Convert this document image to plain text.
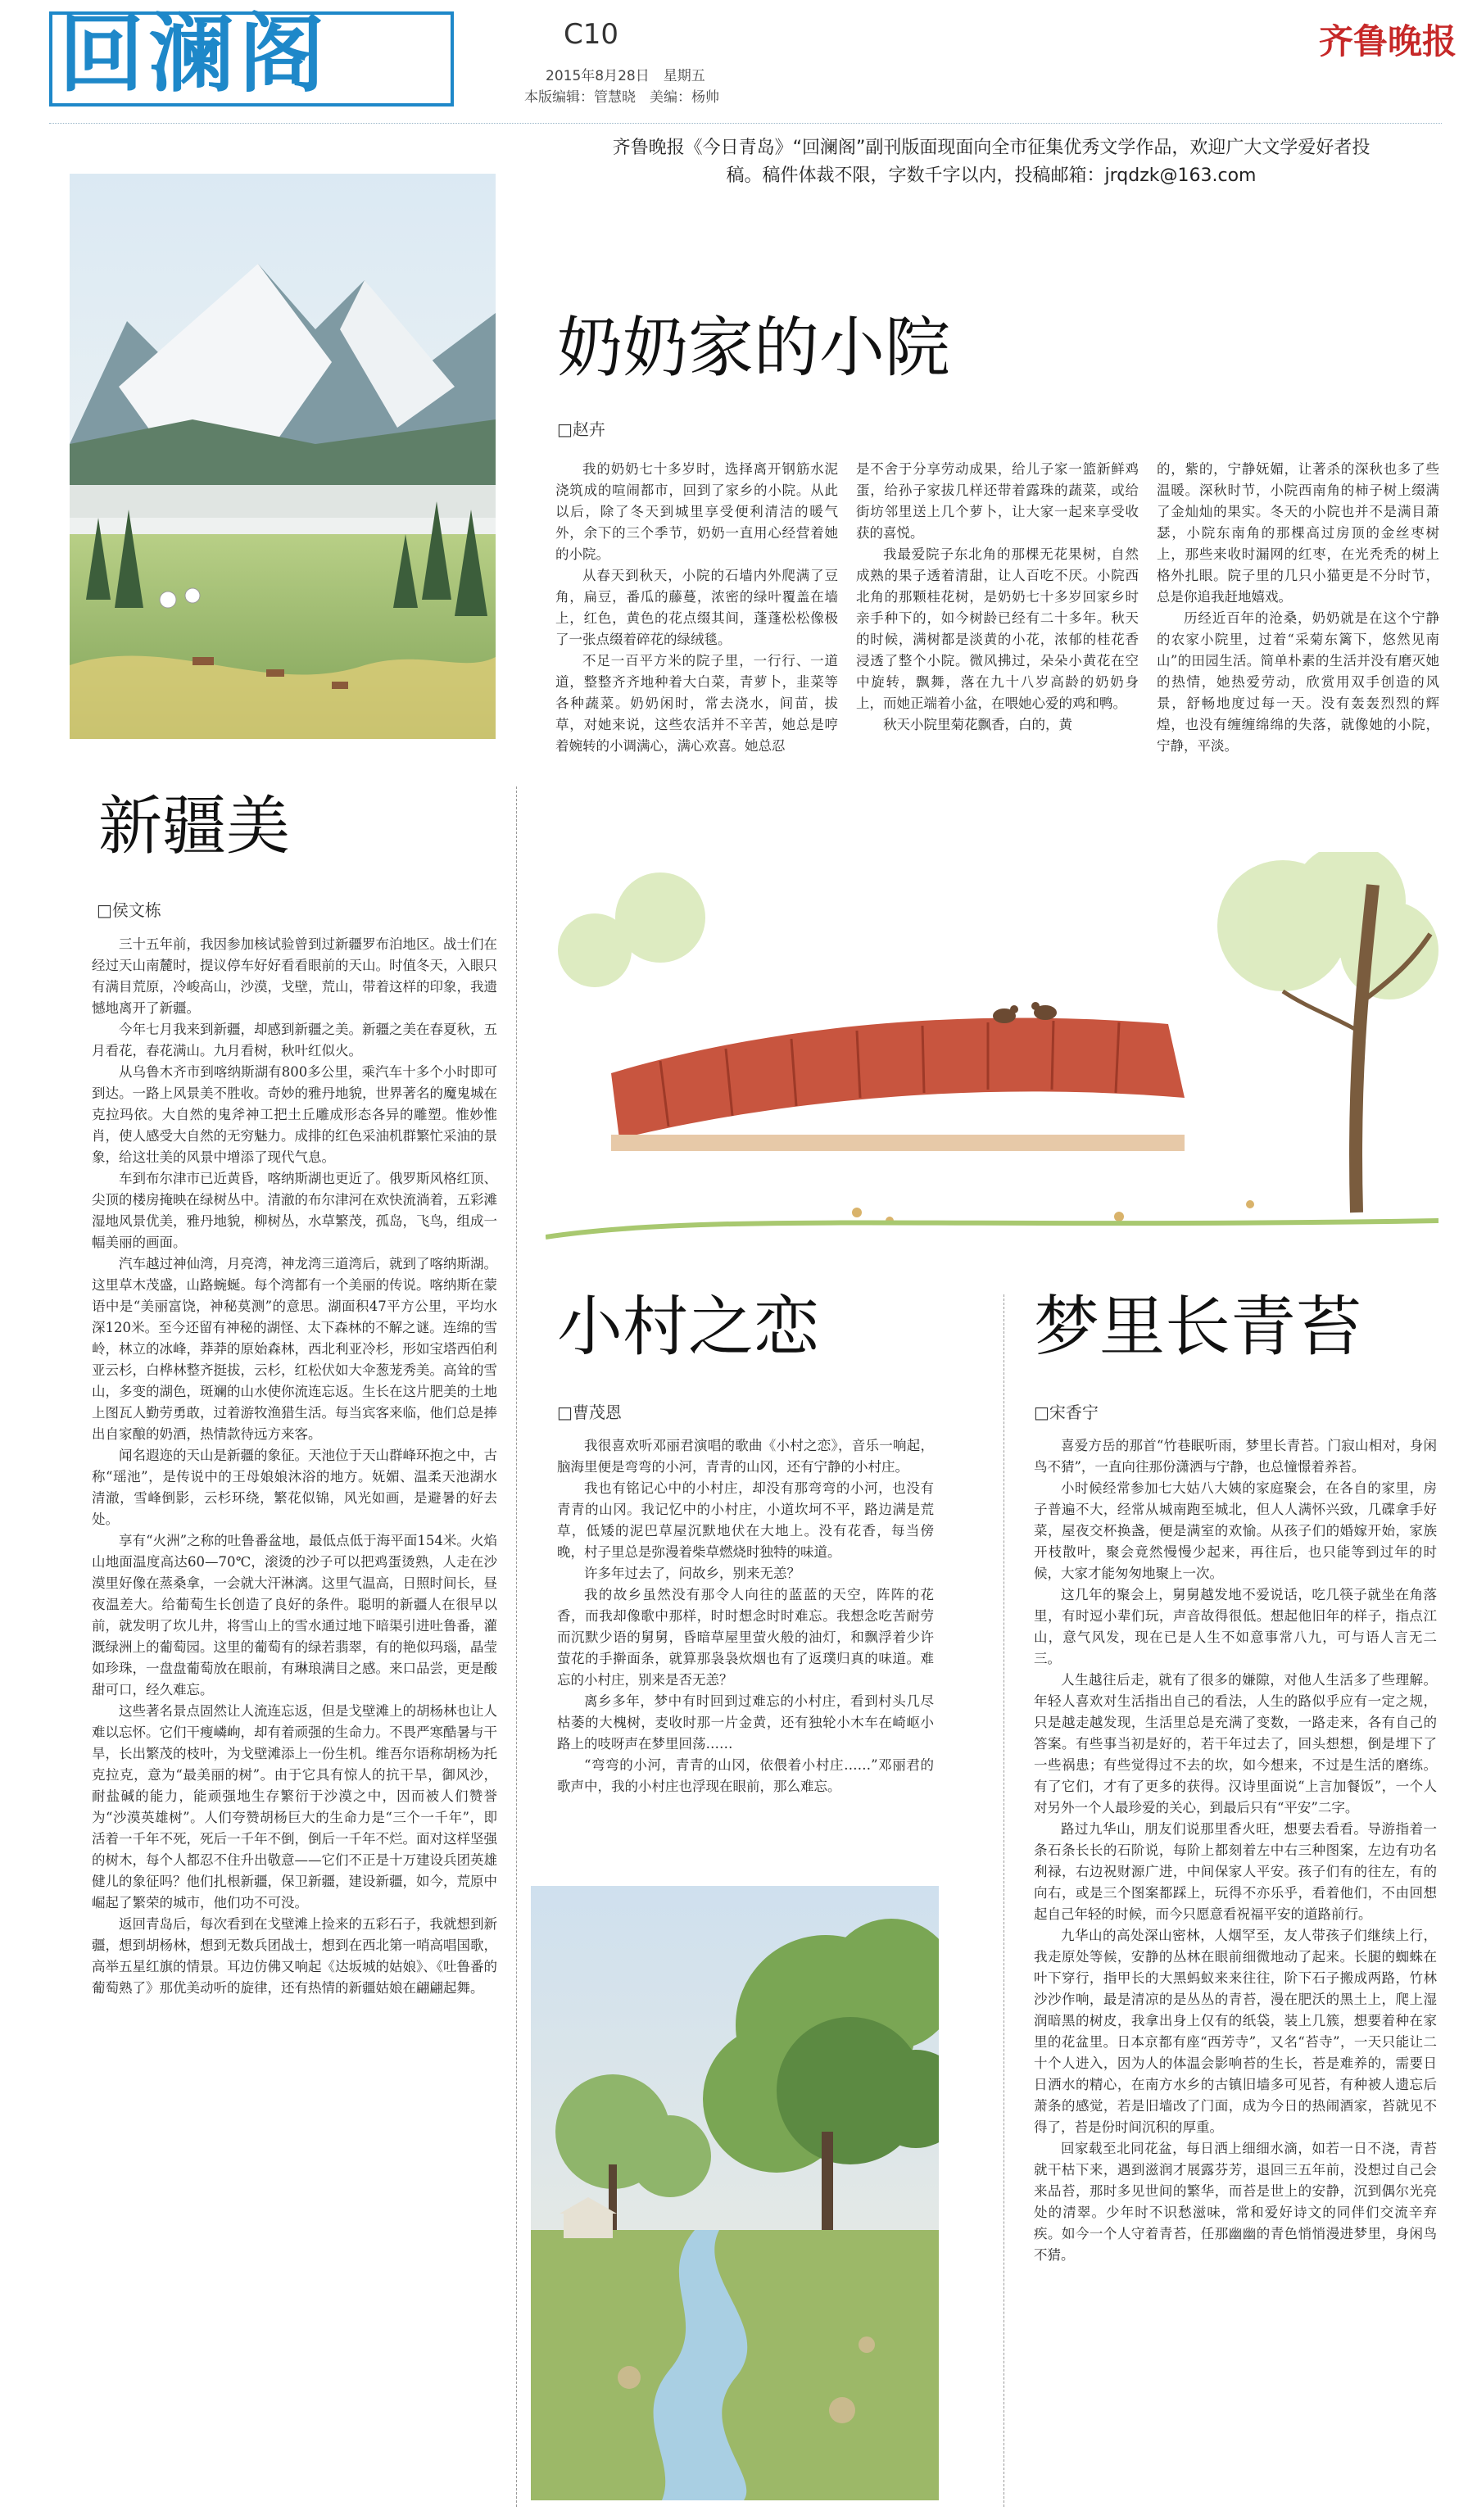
回澜阁	C10
2015年8月28日　星期五
本版编辑：管慧晓　美编：杨帅
齐鲁晚报
齐鲁晚报《今日青岛》“回澜阁”副刊版面现面向全市征集优秀文学作品，欢迎广大文学爱好者投稿。稿件体裁不限，字数千字以内，投稿邮箱：jrqdzk@163.com
新疆美
□侯文栋
奶奶家的小院
□赵卉
小村之恋
□曹茂恩
梦里长青苔
□宋香宁

三十五年前，我因参加核试验曾到过新疆罗布泊地区。战士们在经过天山南麓时，提议停车好好看看眼前的天山。时值冬天，入眼只有满目荒原，冷峻高山，沙漠，戈壁，荒山，带着这样的印象，我遗憾地离开了新疆。

今年七月我来到新疆，却感到新疆之美。新疆之美在春夏秋，五月看花，春花满山。九月看树，秋叶红似火。

从乌鲁木齐市到喀纳斯湖有800多公里，乘汽车十多个小时即可到达。一路上风景美不胜收。奇妙的雅丹地貌，世界著名的魔鬼城在克拉玛依。大自然的鬼斧神工把土丘雕成形态各异的雕塑。惟妙惟肖，使人感受大自然的无穷魅力。成排的红色采油机群繁忙采油的景象，给这壮美的风景中增添了现代气息。

车到布尔津市已近黄昏，喀纳斯湖也更近了。俄罗斯风格红顶、尖顶的楼房掩映在绿树丛中。清澈的布尔津河在欢快流淌着，五彩滩湿地风景优美，雅丹地貌，柳树丛，水草繁茂，孤岛，飞鸟，组成一幅美丽的画面。

汽车越过神仙湾，月亮湾，神龙湾三道湾后，就到了喀纳斯湖。这里草木茂盛，山路蜿蜒。每个湾都有一个美丽的传说。喀纳斯在蒙语中是“美丽富饶，神秘莫测”的意思。湖面积47平方公里，平均水深120米。至今还留有神秘的湖怪、太下森林的不解之谜。连绵的雪岭，林立的冰峰，莽莽的原始森林，西北利亚冷杉，形如宝塔西伯利亚云杉，白桦林整齐挺拔，云杉，红松伏如大伞葱茏秀美。高耸的雪山，多变的湖色，斑斓的山水使你流连忘返。生长在这片肥美的土地上图瓦人勤劳勇敢，过着游牧渔猎生活。每当宾客来临，他们总是捧出自家酿的奶酒，热情款待远方来客。

闻名遐迩的天山是新疆的象征。天池位于天山群峰环抱之中，古称“瑶池”，是传说中的王母娘娘沐浴的地方。妩媚、温柔天池湖水清澈，雪峰倒影，云杉环绕，繁花似锦，风光如画，是避暑的好去处。

享有“火洲”之称的吐鲁番盆地，最低点低于海平面154米。火焰山地面温度高达60—70℃，滚烫的沙子可以把鸡蛋烫熟，人走在沙漠里好像在蒸桑拿，一会就大汗淋漓。这里气温高，日照时间长，昼夜温差大。给葡萄生长创造了良好的条件。聪明的新疆人在很早以前，就发明了坎儿井，将雪山上的雪水通过地下暗渠引进吐鲁番，灌溉绿洲上的葡萄园。这里的葡萄有的绿若翡翠，有的艳似玛瑙，晶莹如珍珠，一盘盘葡萄放在眼前，有琳琅满目之感。来口品尝，更是酸甜可口，经久难忘。

这些著名景点固然让人流连忘返，但是戈壁滩上的胡杨林也让人难以忘怀。它们干瘦嶙峋，却有着顽强的生命力。不畏严寒酷暑与干旱，长出繁茂的枝叶，为戈壁滩添上一份生机。维吾尔语称胡杨为托克拉克，意为“最美丽的树”。由于它具有惊人的抗干旱，御风沙，耐盐碱的能力，能顽强地生存繁衍于沙漠之中，因而被人们赞誉为“沙漠英雄树”。人们夸赞胡杨巨大的生命力是“三个一千年”，即活着一千年不死，死后一千年不倒，倒后一千年不烂。面对这样坚强的树木，每个人都忍不住升出敬意——它们不正是十万建设兵团英雄健儿的象征吗？他们扎根新疆，保卫新疆，建设新疆，如今，荒原中崛起了繁荣的城市，他们功不可没。

返回青岛后，每次看到在戈壁滩上捡来的五彩石子，我就想到新疆，想到胡杨林，想到无数兵团战士，想到在西北第一哨高唱国歌，高举五星红旗的情景。耳边仿佛又响起《达坂城的姑娘》、《吐鲁番的葡萄熟了》那优美动听的旋律，还有热情的新疆姑娘在翩翩起舞。

我的奶奶七十多岁时，选择离开钢筋水泥浇筑成的喧闹都市，回到了家乡的小院。从此以后，除了冬天到城里享受便利清洁的暖气外，余下的三个季节，奶奶一直用心经营着她的小院。

从春天到秋天，小院的石墙内外爬满了豆角，扁豆，番瓜的藤蔓，浓密的绿叶覆盖在墙上，红色，黄色的花点缀其间，蓬蓬松松像极了一张点缀着碎花的绿绒毯。

不足一百平方米的院子里，一行行、一道道，整整齐齐地种着大白菜，青萝卜，韭菜等各种蔬菜。奶奶闲时，常去浇水，间苗，拔草，对她来说，这些农活并不辛苦，她总是哼着婉转的小调满心，满心欢喜。她总忍

是不舍于分享劳动成果，给儿子家一篮新鲜鸡蛋，给孙子家拔几样还带着露珠的蔬菜，或给街坊邻里送上几个萝卜，让大家一起来享受收获的喜悦。

我最爱院子东北角的那棵无花果树，自然成熟的果子透着清甜，让人百吃不厌。小院西北角的那颗桂花树，是奶奶七十多岁回家乡时亲手种下的，如今树龄已经有二十多年。秋天的时候，满树都是淡黄的小花，浓郁的桂花香浸透了整个小院。微风拂过，朵朵小黄花在空中旋转，飘舞，落在九十八岁高龄的奶奶身上，而她正端着小盆，在喂她心爱的鸡和鸭。

秋天小院里菊花飘香，白的，黄

的，紫的，宁静妩媚，让著杀的深秋也多了些温暖。深秋时节，小院西南角的柿子树上缀满了金灿灿的果实。冬天的小院也并不是满目萧瑟，小院东南角的那棵高过房顶的金丝枣树上，那些来收时漏网的红枣，在光秃秃的树上格外扎眼。院子里的几只小猫更是不分时节，总是你追我赶地嬉戏。

历经近百年的沧桑，奶奶就是在这个宁静的农家小院里，过着“采菊东篱下，悠然见南山”的田园生活。简单朴素的生活并没有磨灭她的热情，她热爱劳动，欣赏用双手创造的风景，舒畅地度过每一天。没有轰轰烈烈的辉煌，也没有缠缠绵绵的失落，就像她的小院，宁静，平淡。

我很喜欢听邓丽君演唱的歌曲《小村之恋》，音乐一响起，脑海里便是弯弯的小河，青青的山冈，还有宁静的小村庄。

我也有铭记心中的小村庄，却没有那弯弯的小河，也没有青青的山冈。我记忆中的小村庄，小道坎坷不平，路边满是荒草，低矮的泥巴草屋沉默地伏在大地上。没有花香，每当傍晚，村子里总是弥漫着柴草燃烧时独特的味道。

许多年过去了，问故乡，别来无恙？

我的故乡虽然没有那令人向往的蓝蓝的天空，阵阵的花香，而我却像歌中那样，时时想念时时难忘。我想念吃苦耐劳而沉默少语的舅舅，昏暗草屋里萤火般的油灯，和飘浮着少许萤花的手擀面条，就算那袅袅炊烟也有了返璞归真的味道。难忘的小村庄，别来是否无恙？

离乡多年，梦中有时回到过难忘的小村庄，看到村头几尽枯萎的大槐树，麦收时那一片金黄，还有独轮小木车在崎岖小路上的吱呀声在梦里回荡……

“弯弯的小河，青青的山冈，依偎着小村庄……”邓丽君的歌声中，我的小村庄也浮现在眼前，那么难忘。

喜爱方岳的那首“竹巷眠听雨，梦里长青苔。门寂山相对，身闲鸟不猜”，一直向往那份潇洒与宁静，也总憧憬着养苔。

小时候经常参加七大姑八大姨的家庭聚会，在各自的家里，房子普遍不大，经常从城南跑至城北，但人人满怀兴致，几碟拿手好菜，屋夜交杯换盏，便是满室的欢愉。从孩子们的婚嫁开始，家族开枝散叶，聚会竟然慢慢少起来，再往后，也只能等到过年的时候，大家才能匆匆地聚上一次。

这几年的聚会上，舅舅越发地不爱说话，吃几筷子就坐在角落里，有时逗小辈们玩，声音故得很低。想起他旧年的样子，指点江山，意气风发，现在已是人生不如意事常八九，可与语人言无二三。

人生越往后走，就有了很多的嫌隙，对他人生活多了些理解。年轻人喜欢对生活指出自己的看法，人生的路似乎应有一定之规，只是越走越发现，生活里总是充满了变数，一路走来，各有自己的答案。有些事当初是好的，若干年过去了，回头想想，倒是埋下了一些祸患；有些觉得过不去的坎，如今想来，不过是生活的磨练。有了它们，才有了更多的获得。汉诗里面说“上言加餐饭”，一个人对另外一个人最珍爱的关心，到最后只有“平安”二字。

路过九华山，朋友们说那里香火旺，想要去看看。导游指着一条石条长长的石阶说，每阶上都刻着左中右三种图案，左边有功名利禄，右边祝财源广进，中间保家人平安。孩子们有的往左，有的向右，或是三个图案都踩上，玩得不亦乐乎，看着他们，不由回想起自己年轻的时候，而今只愿意看祝福平安的道路前行。

九华山的高处深山密林，人烟罕至，友人带孩子们继续上行，我走原处等候，安静的丛林在眼前细微地动了起来。长腿的蜘蛛在叶下穿行，指甲长的大黑蚂蚁来来往往，阶下石子搬成两路，竹林沙沙作响，最是清凉的是丛丛的青苔，漫在肥沃的黑土上，爬上湿润暗黑的树皮，我拿出身上仅有的纸袋，装上几簇，想要着种在家里的花盆里。日本京都有座“西芳寺”，又名“苔寺”，一天只能让二十个人进入，因为人的体温会影响苔的生长，苔是难养的，需要日日洒水的精心，在南方水乡的古镇旧墙多可见苔，有种被人遗忘后萧条的感觉，若是旧墙改了门面，成为今日的热闹酒家，苔就见不得了，苔是份时间沉积的厚重。

回家载至北同花盆，每日洒上细细水滴，如若一日不浇，青苔就干枯下来，遇到滋润才展露芬芳，退回三五年前，没想过自己会来品苔，那时多见世间的繁华，而苔是世上的安静，沉到偶尔光亮处的清翠。少年时不识愁滋味，常和爱好诗文的同伴们交流辛弃疾。如今一个人守着青苔，任那幽幽的青色悄悄漫进梦里，身闲鸟不猜。
